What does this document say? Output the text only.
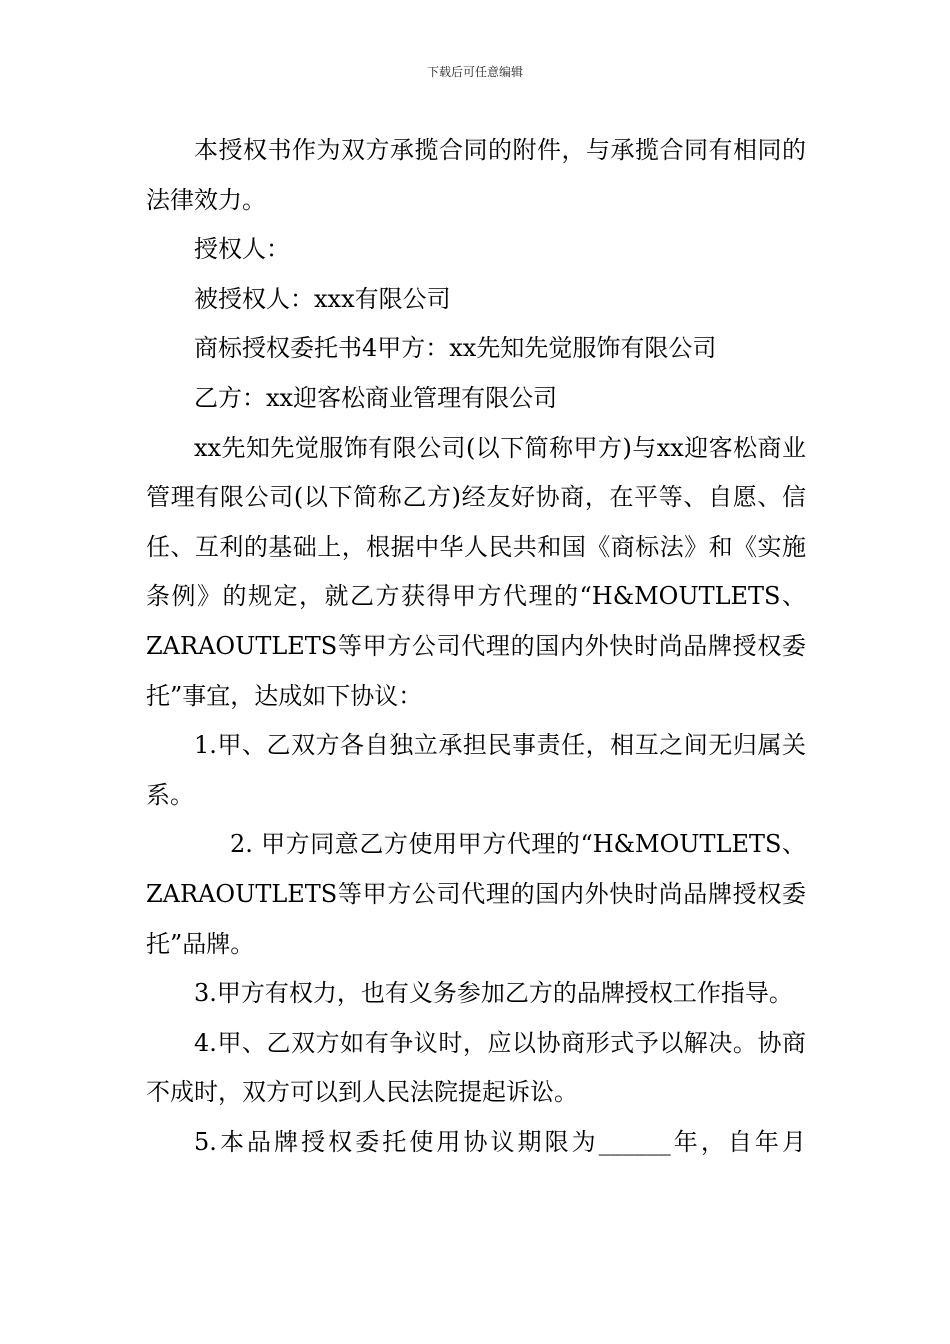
下载后可任意编辑

本授权书作为双方承揽合同的附件，与承揽合同有相同的法律效力。

授权人：

被授权人：xxx有限公司

商标授权委托书4甲方：xx先知先觉服饰有限公司

乙方：xx迎客松商业管理有限公司

xx先知先觉服饰有限公司(以下简称甲方)与xx迎客松商业管理有限公司(以下简称乙方)经友好协商，在平等、自愿、信任、互利的基础上，根据中华人民共和国《商标法》和《实施条例》的规定，就乙方获得甲方代理的“H&MOUTLETS、ZARAOUTLETS等甲方公司代理的国内外快时尚品牌授权委托”事宜，达成如下协议：

1.甲、乙双方各自独立承担民事责任，相互之间无归属关系。

2. 甲方同意乙方使用甲方代理的“H&MOUTLETS、ZARAOUTLETS等甲方公司代理的国内外快时尚品牌授权委托”品牌。

3.甲方有权力，也有义务参加乙方的品牌授权工作指导。

4.甲、乙双方如有争议时，应以协商形式予以解决。协商不成时，双方可以到人民法院提起诉讼。

5.本品牌授权委托使用协议期限为______年，自年月
